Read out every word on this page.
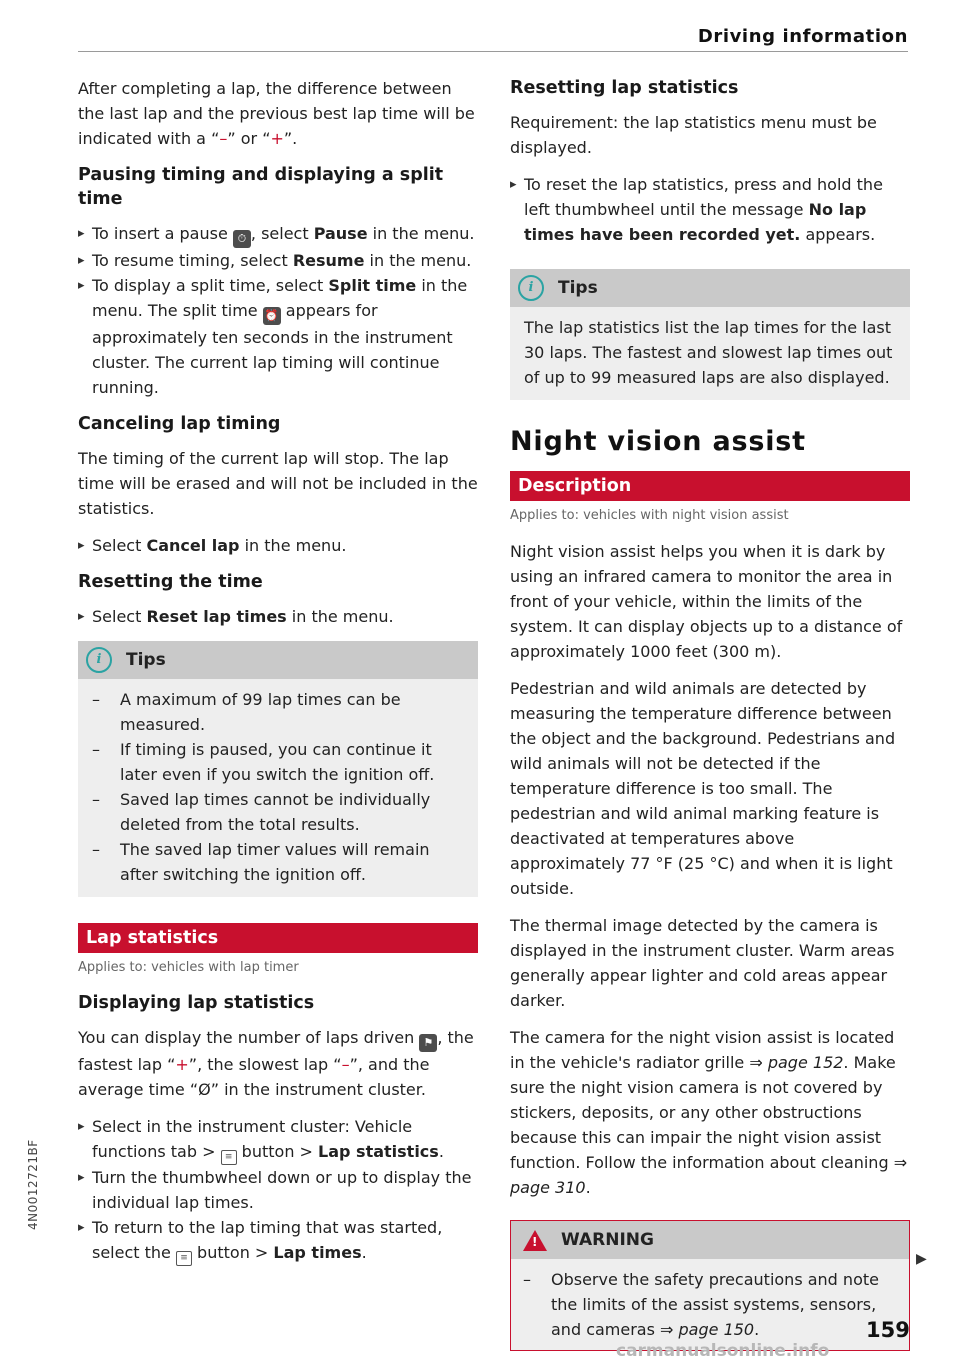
Driving information

After completing a lap, the difference between the last lap and the previous best lap time will be indicated with a “–” or “+”.

Pausing timing and displaying a split time
▸ To insert a pause ⏱ , select Pause in the menu.
▸ To resume timing, select Resume in the menu.
▸ To display a split time, select Split time in the menu. The split time ⏰ appears for approximately ten seconds in the instrument cluster. The current lap timing will continue running.
Canceling lap timing

The timing of the current lap will stop. The lap time will be erased and will not be included in the statistics.

▸ Select Cancel lap in the menu.
Resetting the time
▸ Select Reset lap times in the menu.
i	Tips
– A maximum of 99 lap times can be measured.
– If timing is paused, you can continue it later even if you switch the ignition off.
– Saved lap times cannot be individually deleted from the total results.
– The saved lap timer values will remain after switching the ignition off.
Lap statistics
Applies to: vehicles with lap timer
Displaying lap statistics

You can display the number of laps driven ⚑ , the fastest lap “+”, the slowest lap “–”, and the average time “Ø” in the instrument cluster.

▸ Select in the instrument cluster: Vehicle functions tab > ≡ button > Lap statistics.
▸ Turn the thumbwheel down or up to display the individual lap times.
▸ To return to the lap timing that was started, select the ≡ button > Lap times.
Resetting lap statistics

Requirement: the lap statistics menu must be displayed.

▸ To reset the lap statistics, press and hold the left thumbwheel until the message No lap times have been recorded yet. appears.
i	Tips

The lap statistics list the lap times for the last 30 laps. The fastest and slowest lap times out of up to 99 measured laps are also displayed.

Night vision assist
Description
Applies to: vehicles with night vision assist

Night vision assist helps you when it is dark by using an infrared camera to monitor the area in front of your vehicle, within the limits of the system. It can display objects up to a distance of approximately 1000 feet (300 m).

Pedestrian and wild animals are detected by measuring the temperature difference between the object and the background. Pedestrians and wild animals will not be detected if the temperature difference is too small. The pedestrian and wild animal marking feature is deactivated at temperatures above approximately 77 °F (25 °C) and when it is light outside.

The thermal image detected by the camera is displayed in the instrument cluster. Warm areas generally appear lighter and cold areas appear darker.

The camera for the night vision assist is located in the vehicle's radiator grille ⇒ page 152. Make sure the night vision camera is not covered by stickers, deposits, or any other obstructions because this can impair the night vision assist function. Follow the information about cleaning ⇒ page 310.

! WARNING
– Observe the safety precautions and note the limits of the assist systems, sensors, and cameras ⇒ page 150.
▶
159
4N0012721BF
carmanualsonline.info
